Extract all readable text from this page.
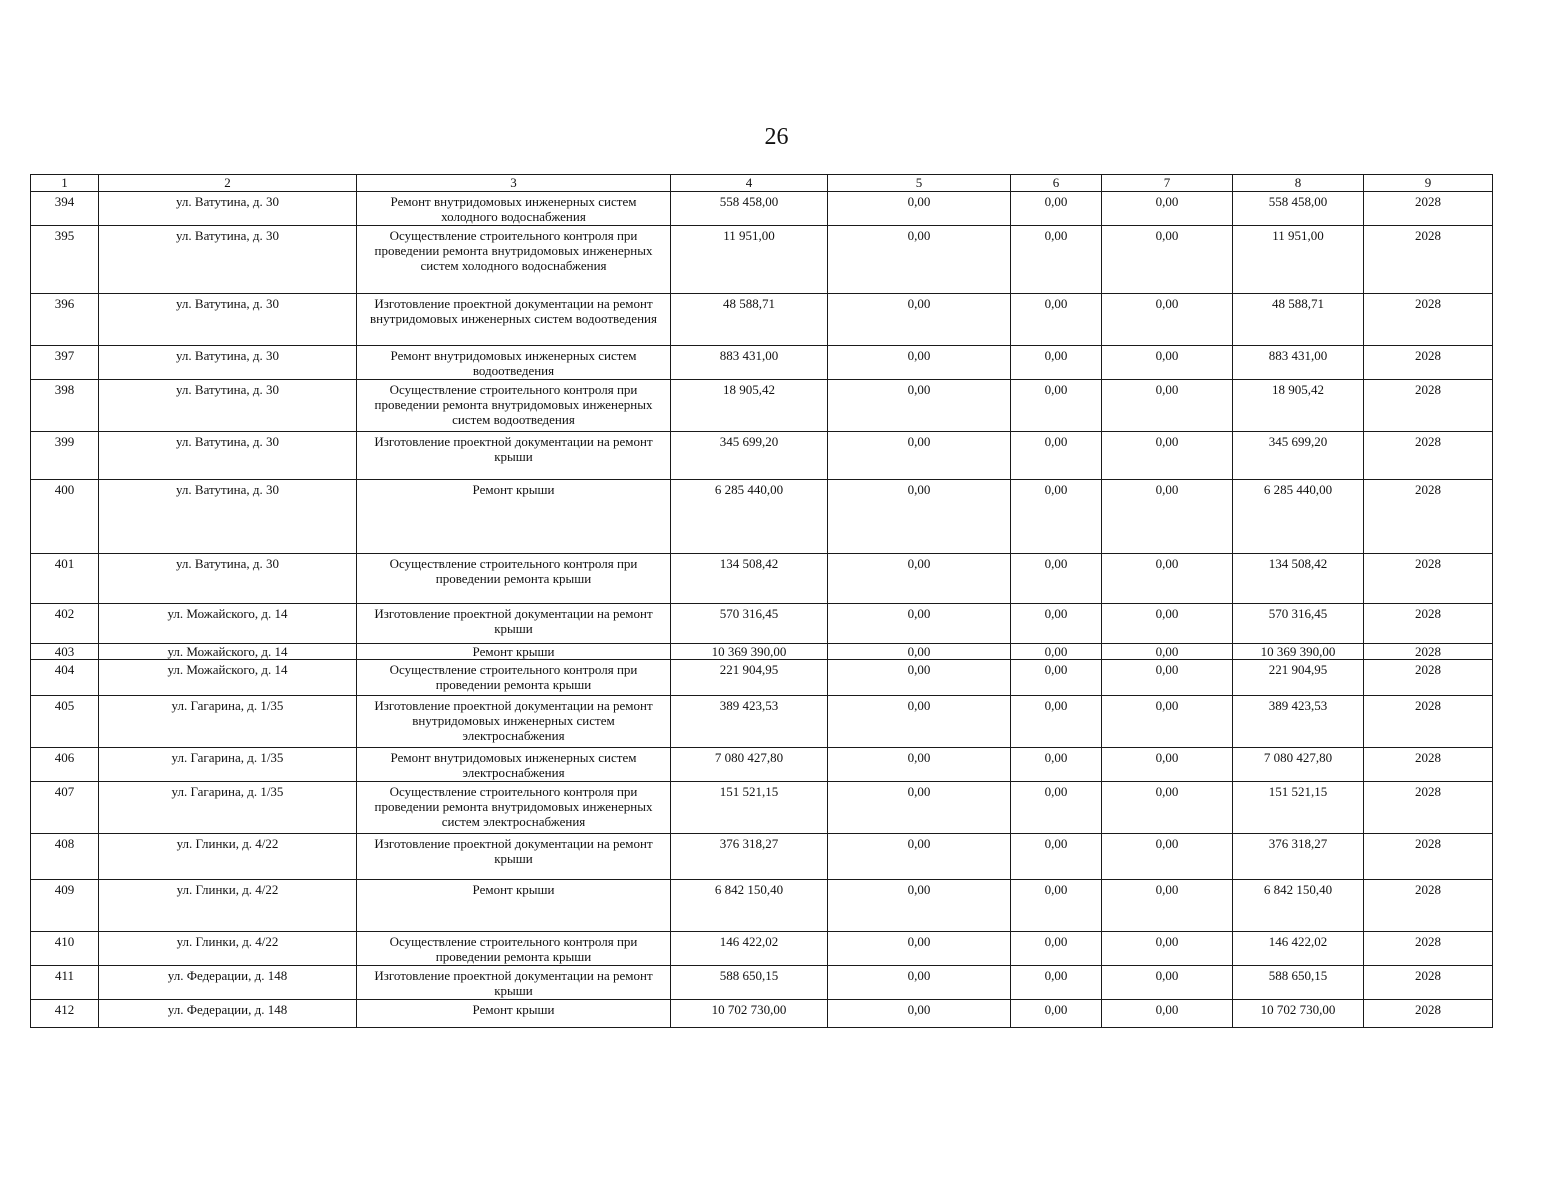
26
1	2	3	4	5	6	7	8	9
394	ул. Ватутина, д. 30	Ремонт внутридомовых инженерных систем холодного водоснабжения	558 458,00	0,00	0,00	0,00	558 458,00	2028
395	ул. Ватутина, д. 30	Осуществление строительного контроля при проведении ремонта внутридомовых инженерных систем холодного водоснабжения	11 951,00	0,00	0,00	0,00	11 951,00	2028
396	ул. Ватутина, д. 30	Изготовление проектной документации на ремонт внутридомовых инженерных систем водоотведения	48 588,71	0,00	0,00	0,00	48 588,71	2028
397	ул. Ватутина, д. 30	Ремонт внутридомовых инженерных систем водоотведения	883 431,00	0,00	0,00	0,00	883 431,00	2028
398	ул. Ватутина, д. 30	Осуществление строительного контроля при проведении ремонта внутридомовых инженерных систем водоотведения	18 905,42	0,00	0,00	0,00	18 905,42	2028
399	ул. Ватутина, д. 30	Изготовление проектной документации на ремонт крыши	345 699,20	0,00	0,00	0,00	345 699,20	2028
400	ул. Ватутина, д. 30	Ремонт крыши	6 285 440,00	0,00	0,00	0,00	6 285 440,00	2028
401	ул. Ватутина, д. 30	Осуществление строительного контроля при проведении ремонта крыши	134 508,42	0,00	0,00	0,00	134 508,42	2028
402	ул. Можайского, д. 14	Изготовление проектной документации на ремонт крыши	570 316,45	0,00	0,00	0,00	570 316,45	2028
403	ул. Можайского, д. 14	Ремонт крыши	10 369 390,00	0,00	0,00	0,00	10 369 390,00	2028
404	ул. Можайского, д. 14	Осуществление строительного контроля при проведении ремонта крыши	221 904,95	0,00	0,00	0,00	221 904,95	2028
405	ул. Гагарина, д. 1/35	Изготовление проектной документации на ремонт внутридомовых инженерных систем электроснабжения	389 423,53	0,00	0,00	0,00	389 423,53	2028
406	ул. Гагарина, д. 1/35	Ремонт внутридомовых инженерных систем электроснабжения	7 080 427,80	0,00	0,00	0,00	7 080 427,80	2028
407	ул. Гагарина, д. 1/35	Осуществление строительного контроля при проведении ремонта внутридомовых инженерных систем электроснабжения	151 521,15	0,00	0,00	0,00	151 521,15	2028
408	ул. Глинки, д. 4/22	Изготовление проектной документации на ремонт крыши	376 318,27	0,00	0,00	0,00	376 318,27	2028
409	ул. Глинки, д. 4/22	Ремонт крыши	6 842 150,40	0,00	0,00	0,00	6 842 150,40	2028
410	ул. Глинки, д. 4/22	Осуществление строительного контроля при проведении ремонта крыши	146 422,02	0,00	0,00	0,00	146 422,02	2028
411	ул. Федерации, д. 148	Изготовление проектной документации на ремонт крыши	588 650,15	0,00	0,00	0,00	588 650,15	2028
412	ул. Федерации, д. 148	Ремонт крыши	10 702 730,00	0,00	0,00	0,00	10 702 730,00	2028
